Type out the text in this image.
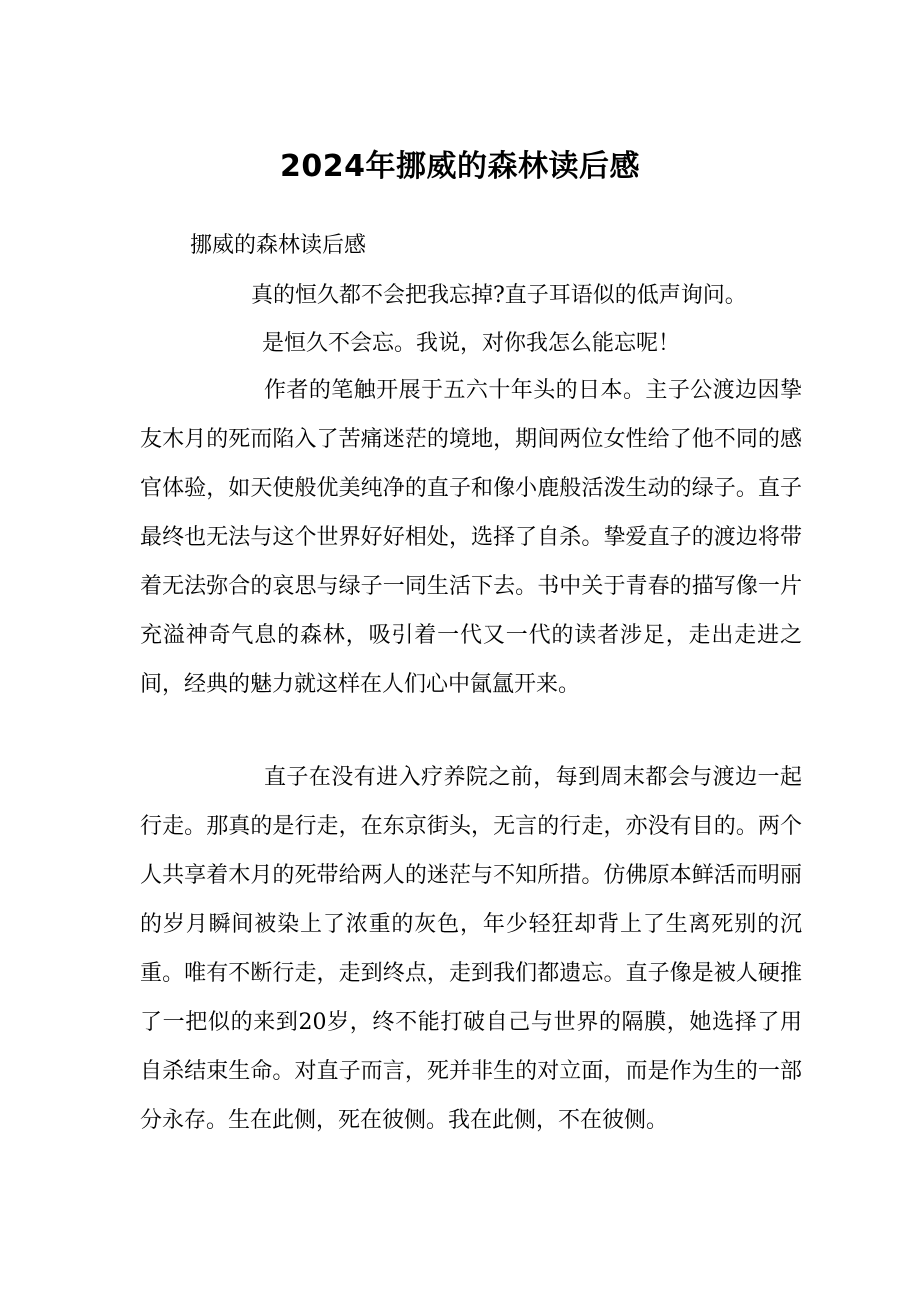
2024年挪威的森林读后感
挪威的森林读后感
真的恒久都不会把我忘掉?直子耳语似的低声询问。
是恒久不会忘。我说，对你我怎么能忘呢！

作者的笔触开展于五六十年头的日本。主子公渡边因挚友木月的死而陷入了苦痛迷茫的境地，期间两位女性给了他不同的感官体验，如天使般优美纯净的直子和像小鹿般活泼生动的绿子。直子最终也无法与这个世界好好相处，选择了自杀。挚爱直子的渡边将带着无法弥合的哀思与绿子一同生活下去。书中关于青春的描写像一片充溢神奇气息的森林，吸引着一代又一代的读者涉足，走出走进之间，经典的魅力就这样在人们心中氤氲开来。

直子在没有进入疗养院之前，每到周末都会与渡边一起行走。那真的是行走，在东京街头，无言的行走，亦没有目的。两个人共享着木月的死带给两人的迷茫与不知所措。仿佛原本鲜活而明丽的岁月瞬间被染上了浓重的灰色，年少轻狂却背上了生离死别的沉重。唯有不断行走，走到终点，走到我们都遗忘。直子像是被人硬推了一把似的来到20岁，终不能打破自己与世界的隔膜，她选择了用自杀结束生命。对直子而言，死并非生的对立面，而是作为生的一部分永存。生在此侧，死在彼侧。我在此侧，不在彼侧。
